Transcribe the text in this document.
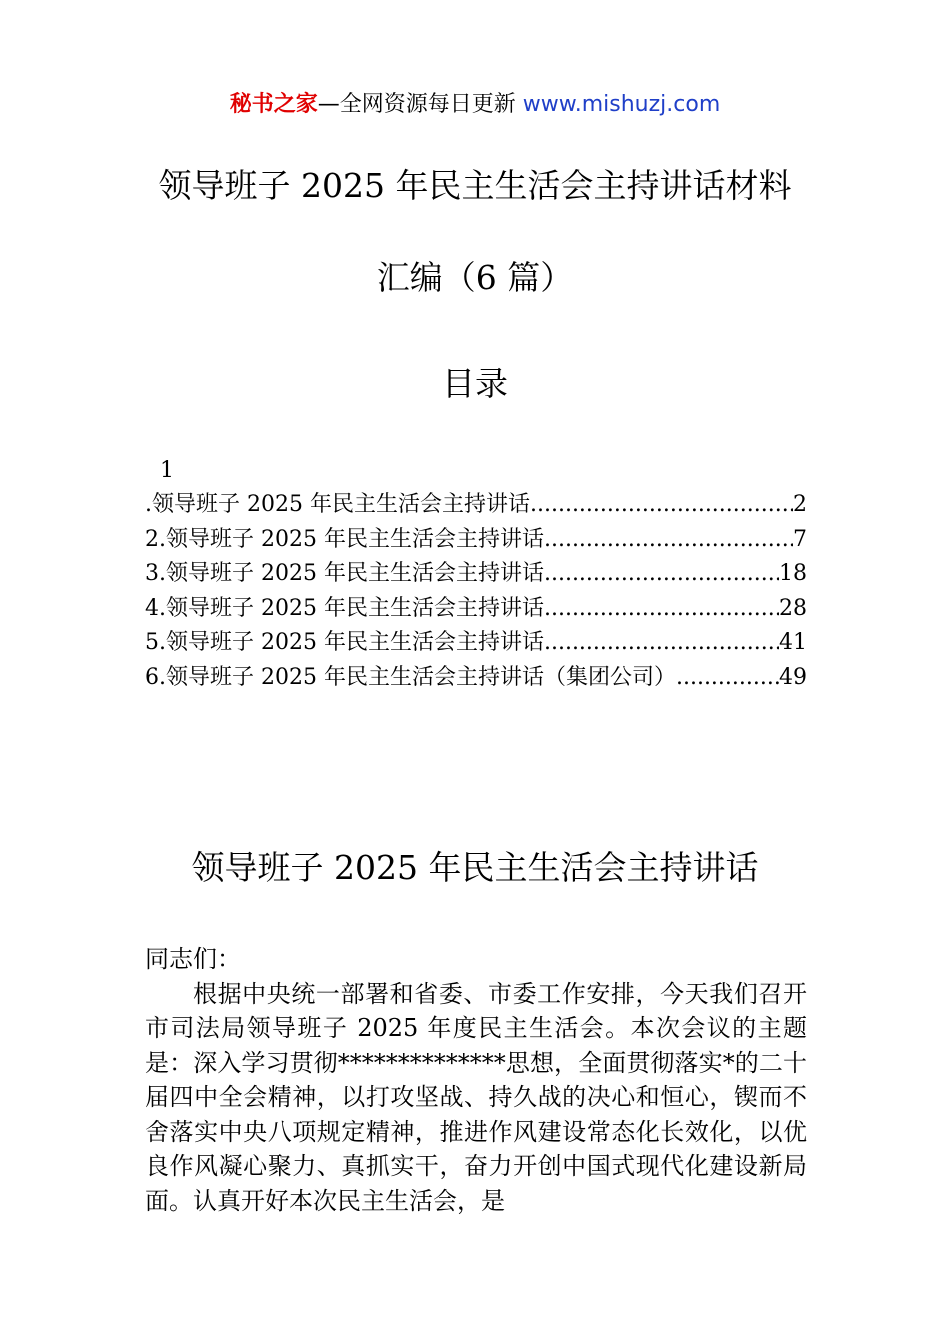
秘书之家—全网资源每日更新 www.mishuzj.com
领导班子 2025 年民主生活会主持讲话材料
汇编（6 篇）
目录
1
.领导班子 2025 年民主生活会主持讲话 .....	2
2.领导班子 2025 年民主生活会主持讲话 .....	7
3.领导班子 2025 年民主生活会主持讲话 .....	18
4.领导班子 2025 年民主生活会主持讲话 .....	28
5.领导班子 2025 年民主生活会主持讲话 .....	41
6.领导班子 2025 年民主生活会主持讲话（集团公司） .....	49
领导班子 2025 年民主生活会主持讲话

同志们：

根据中央统一部署和省委、市委工作安排，今天我们召开市司法局领导班子 2025 年度民主生活会。本次会议的主题是：深入学习贯彻**************思想，全面贯彻落实*的二十届四中全会精神，以打攻坚战、持久战的决心和恒心，锲而不舍落实中央八项规定精神，推进作风建设常态化长效化，以优良作风凝心聚力、真抓实干，奋力开创中国式现代化建设新局面。认真开好本次民主生活会，是
